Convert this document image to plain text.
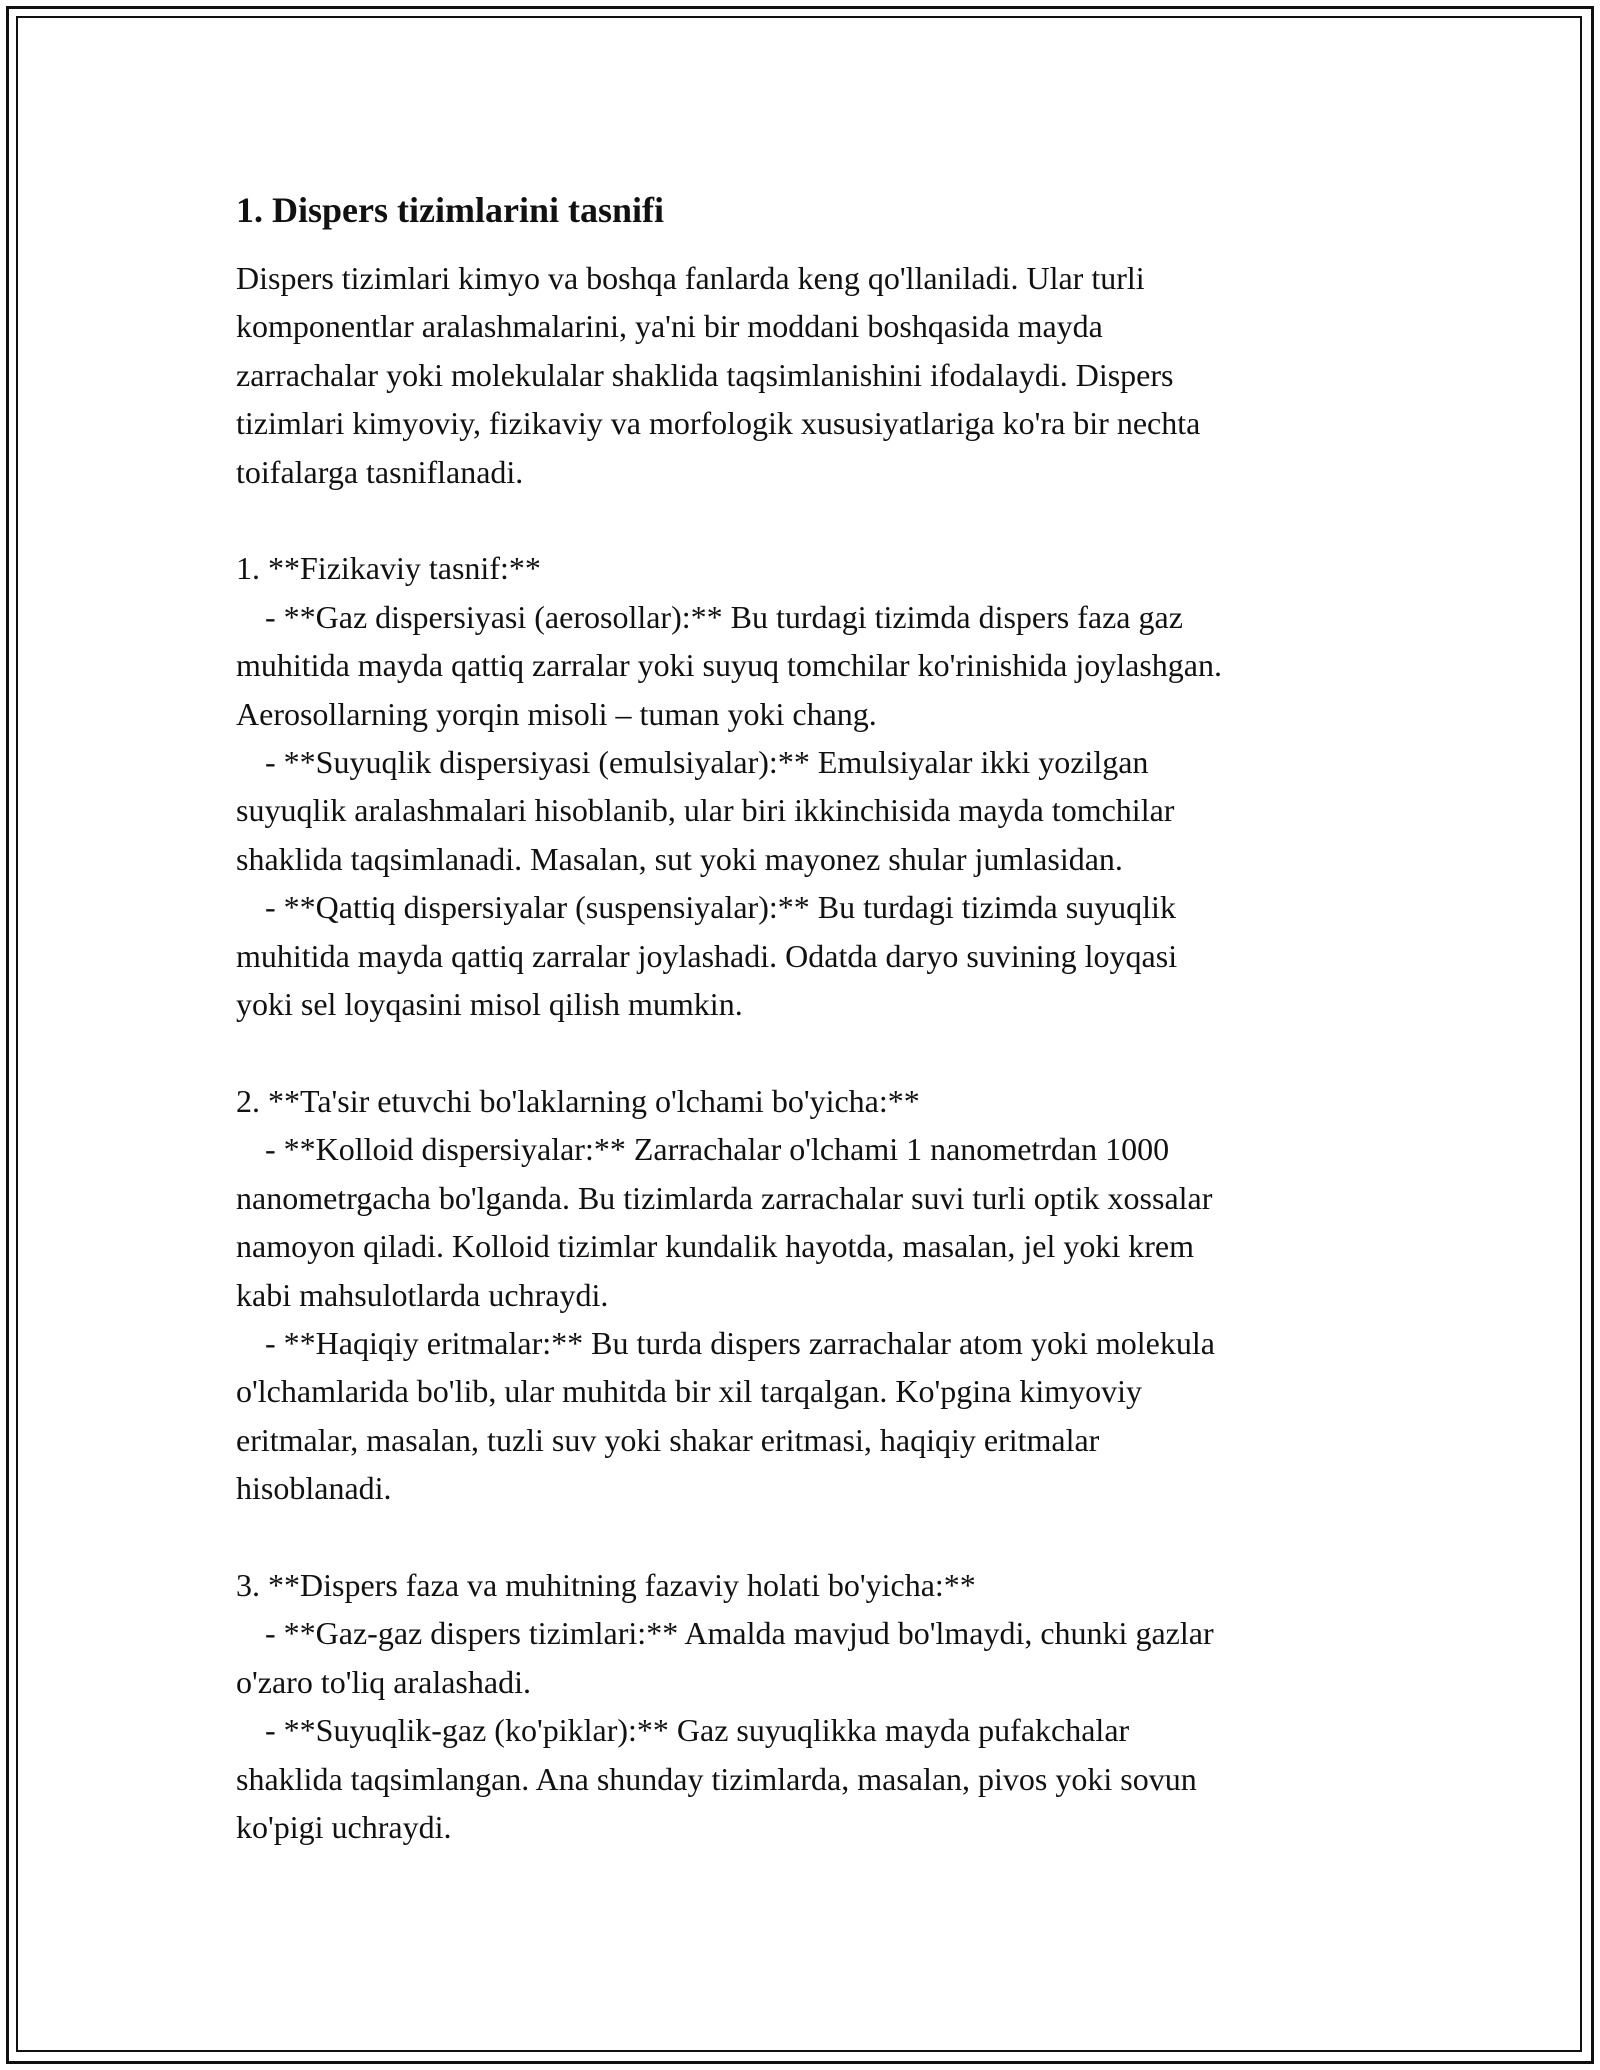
1. Dispers tizimlarini tasnifi
Dispers tizimlari kimyo va boshqa fanlarda keng qo'llaniladi. Ular turli
komponentlar aralashmalarini, ya'ni bir moddani boshqasida mayda
zarrachalar yoki molekulalar shaklida taqsimlanishini ifodalaydi. Dispers
tizimlari kimyoviy, fizikaviy va morfologik xususiyatlariga ko'ra bir nechta
toifalarga tasniflanadi.
1. **Fizikaviy tasnif:**
- **Gaz dispersiyasi (aerosollar):** Bu turdagi tizimda dispers faza gaz
muhitida mayda qattiq zarralar yoki suyuq tomchilar ko'rinishida joylashgan.
Aerosollarning yorqin misoli – tuman yoki chang.
- **Suyuqlik dispersiyasi (emulsiyalar):** Emulsiyalar ikki yozilgan
suyuqlik aralashmalari hisoblanib, ular biri ikkinchisida mayda tomchilar
shaklida taqsimlanadi. Masalan, sut yoki mayonez shular jumlasidan.
- **Qattiq dispersiyalar (suspensiyalar):** Bu turdagi tizimda suyuqlik
muhitida mayda qattiq zarralar joylashadi. Odatda daryo suvining loyqasi
yoki sel loyqasini misol qilish mumkin.
2. **Ta'sir etuvchi bo'laklarning o'lchami bo'yicha:**
- **Kolloid dispersiyalar:** Zarrachalar o'lchami 1 nanometrdan 1000
nanometrgacha bo'lganda. Bu tizimlarda zarrachalar suvi turli optik xossalar
namoyon qiladi. Kolloid tizimlar kundalik hayotda, masalan, jel yoki krem
kabi mahsulotlarda uchraydi.
- **Haqiqiy eritmalar:** Bu turda dispers zarrachalar atom yoki molekula
o'lchamlarida bo'lib, ular muhitda bir xil tarqalgan. Ko'pgina kimyoviy
eritmalar, masalan, tuzli suv yoki shakar eritmasi, haqiqiy eritmalar
hisoblanadi.
3. **Dispers faza va muhitning fazaviy holati bo'yicha:**
- **Gaz-gaz dispers tizimlari:** Amalda mavjud bo'lmaydi, chunki gazlar
o'zaro to'liq aralashadi.
- **Suyuqlik-gaz (ko'piklar):** Gaz suyuqlikka mayda pufakchalar
shaklida taqsimlangan. Ana shunday tizimlarda, masalan, pivos yoki sovun
ko'pigi uchraydi.
